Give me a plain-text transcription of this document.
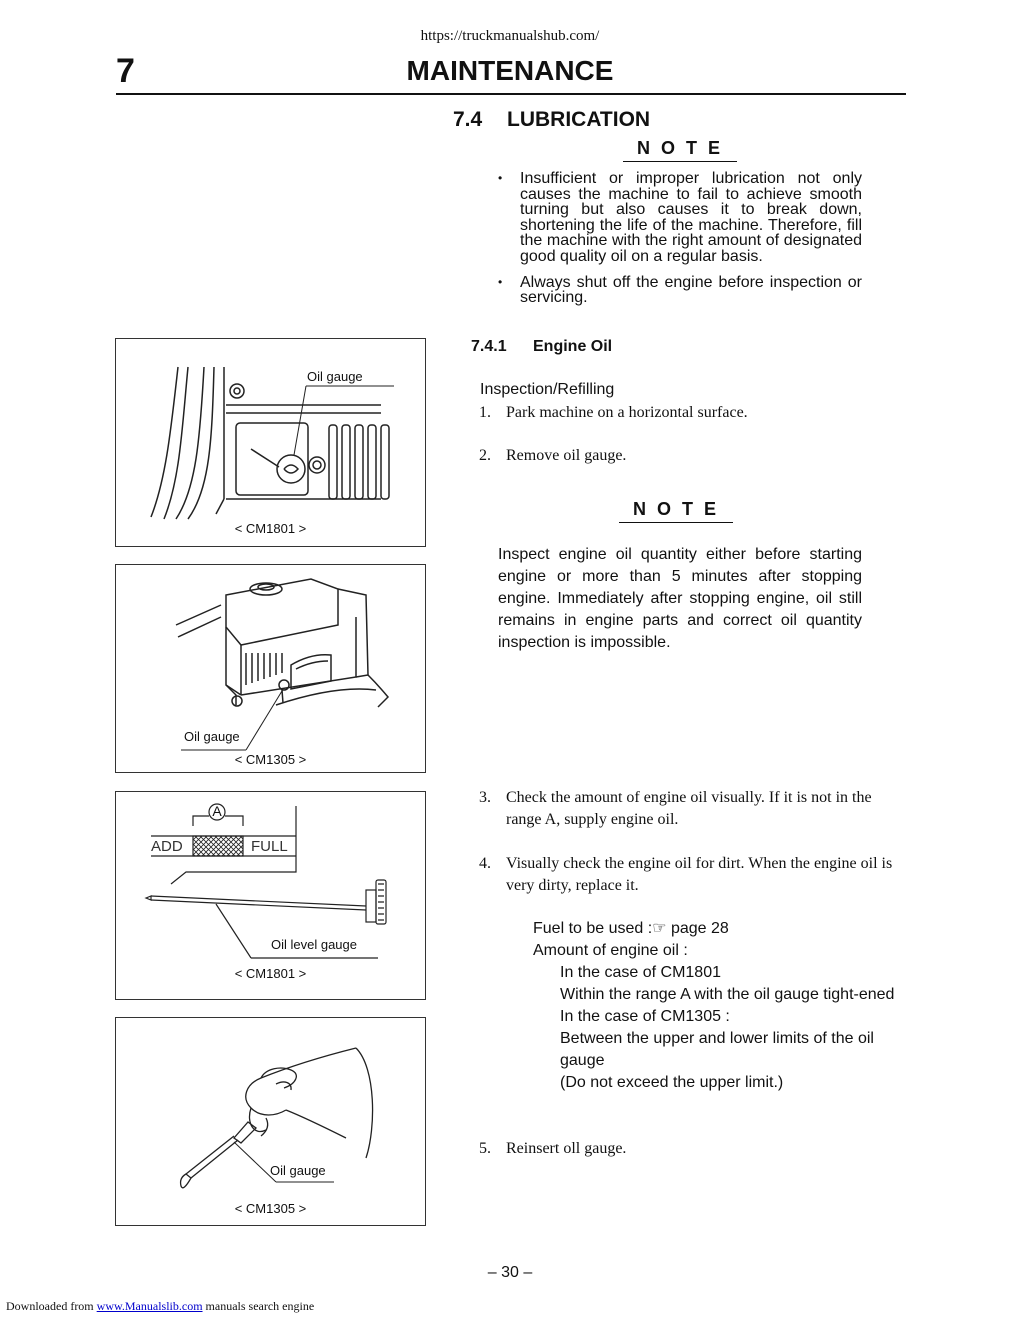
https://truckmanualshub.com/
7	MAINTENANCE
7.4 LUBRICATION
N O T E
• Insufficient or improper lubrication not only causes the machine to fail to achieve smooth turning but also causes it to break down, shortening the life of the machine. Therefore, fill the machine with the right amount of designated good quality oil on a regular basis.
• Always shut off the engine before inspection or servicing.
7.4.1 Engine Oil
Inspection/Refilling
1. Park machine on a horizontal surface.
2. Remove oil gauge.
N O T E
Inspect engine oil quantity either before starting engine or more than 5 minutes after stopping engine. Immediately after stopping engine, oil still remains in engine parts and correct oil quantity inspection is impossible.
3. Check the amount of engine oil visually. If it is not in the range A, supply engine oil.
4. Visually check the engine oil for dirt. When the engine oil is very dirty, replace it.
Fuel to be used :☞ page 28
Amount of engine oil :
In the case of CM1801
Within the range A with the oil gauge tight-ened
In the case of CM1305 :
Between the upper and lower limits of the oil gauge
(Do not exceed the upper limit.)
5. Reinsert oll gauge.
Oil gauge
< CM1801 >
Oil gauge
< CM1305 >
A
ADD	FULL
Oil level gauge
< CM1801 >
Oil gauge
< CM1305 >
– 30 –
Downloaded from www.Manualslib.com manuals search engine
